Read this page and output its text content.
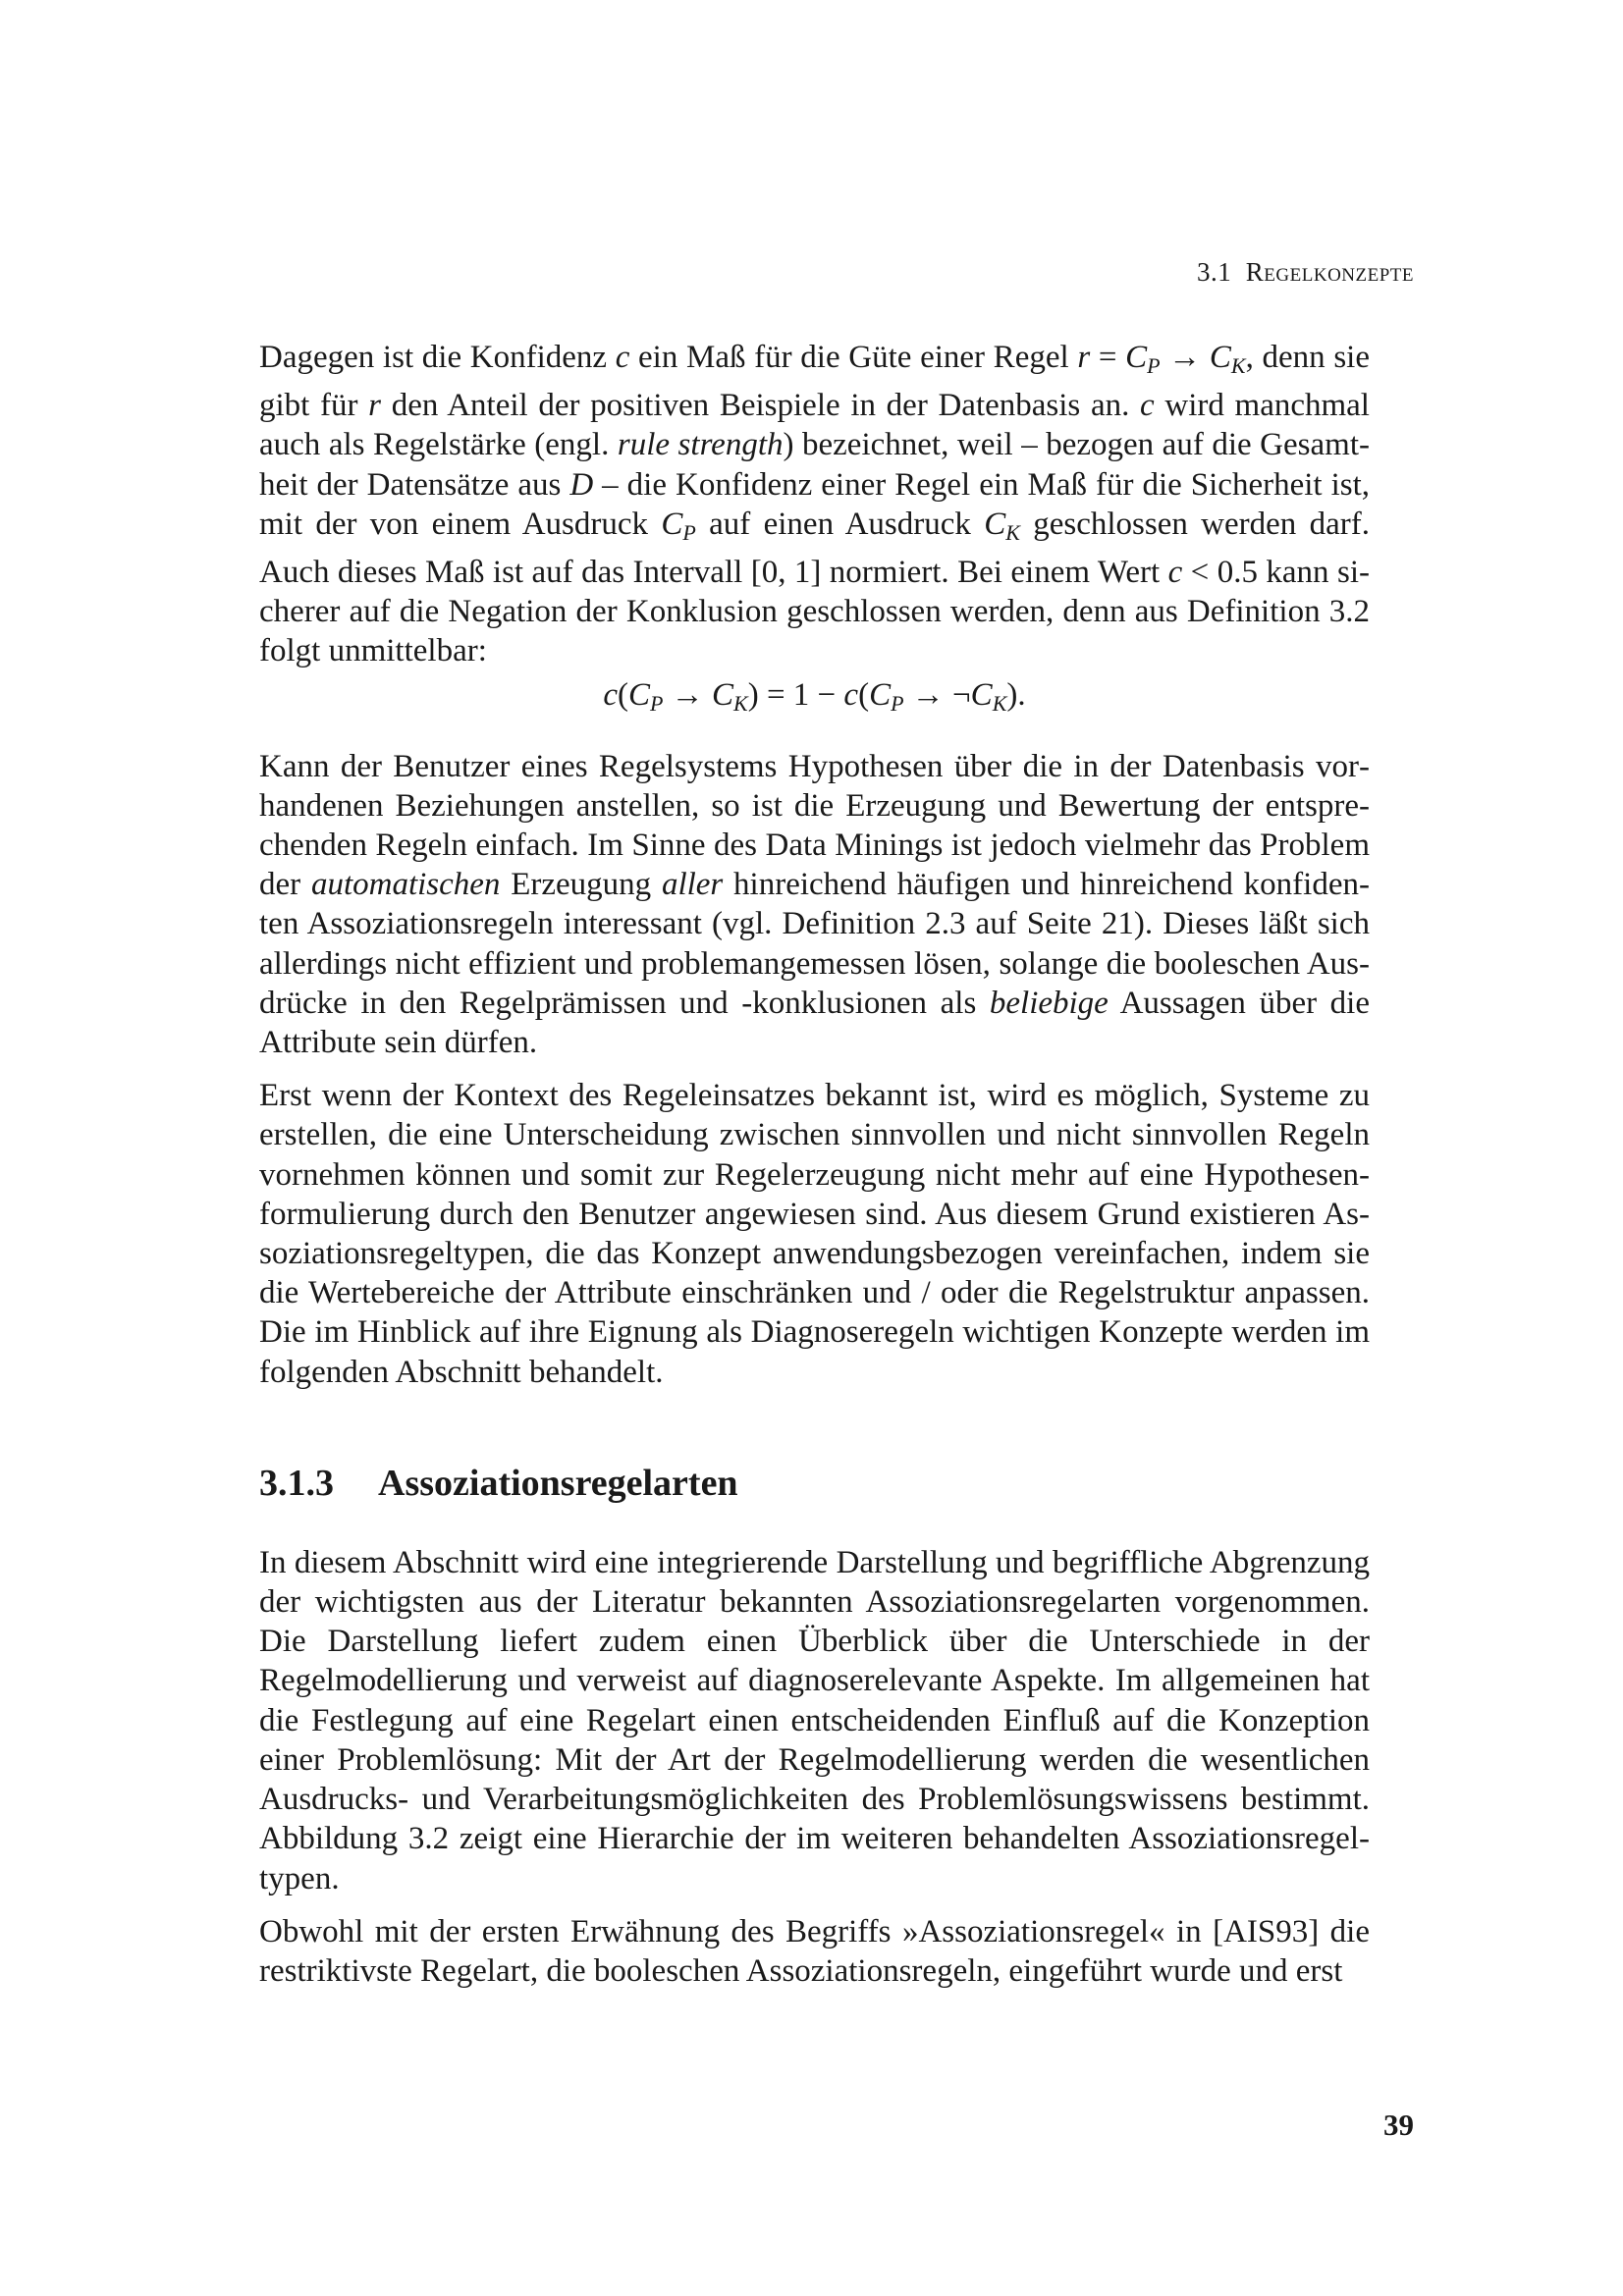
3.1 Regelkonzepte

Dagegen ist die Konfidenz c ein Maß für die Güte einer Regel $r = C_P \to C_K$, denn sie gibt für r den Anteil der positiven Beispiele in der Datenbasis an. c wird manchmal auch als Regelstärke (engl. rule strength) bezeichnet, weil – bezogen auf die Gesamtheit der Datensätze aus D – die Konfidenz einer Regel ein Maß für die Sicherheit ist, mit der von einem Ausdruck $C_P$ auf einen Ausdruck $C_K$ geschlossen werden darf. Auch dieses Maß ist auf das Intervall [0, 1] normiert. Bei einem Wert c < 0.5 kann sicherer auf die Negation der Konklusion geschlossen werden, denn aus Definition 3.2 folgt unmittelbar:

$c(C_P \to C_K) = 1 - c(C_P$ → $\neg C_K$).

Kann der Benutzer eines Regelsystems Hypothesen über die in der Datenbasis vorhandenen Beziehungen anstellen, so ist die Erzeugung und Bewertung der entsprechenden Regeln einfach. Im Sinne des Data Minings ist jedoch vielmehr das Problem der automatischen Erzeugung aller hinreichend häufigen und hinreichend konfidenten Assoziationsregeln interessant (vgl. Definition 2.3 auf Seite 21). Dieses läßt sich allerdings nicht effizient und problemangemessen lösen, solange die booleschen Ausdrücke in den Regelprämissen und -konklusionen als beliebige Aussagen über die Attribute sein dürfen.

Erst wenn der Kontext des Regeleinsatzes bekannt ist, wird es möglich, Systeme zu erstellen, die eine Unterscheidung zwischen sinnvollen und nicht sinnvollen Regeln vornehmen können und somit zur Regelerzeugung nicht mehr auf eine Hypothesenformulierung durch den Benutzer angewiesen sind. Aus diesem Grund existieren Assoziationsregeltypen, die das Konzept anwendungsbezogen vereinfachen, indem sie die Wertebereiche der Attribute einschränken und / oder die Regelstruktur anpassen. Die im Hinblick auf ihre Eignung als Diagnoseregeln wichtigen Konzepte werden im folgenden Abschnitt behandelt.

3.1.3 Assoziationsregelarten

In diesem Abschnitt wird eine integrierende Darstellung und begriffliche Abgrenzung der wichtigsten aus der Literatur bekannten Assoziationsregelarten vorgenommen. Die Darstellung liefert zudem einen Überblick über die Unterschiede in der Regelmodellierung und verweist auf diagnoserelevante Aspekte. Im allgemeinen hat die Festlegung auf eine Regelart einen entscheidenden Einfluß auf die Konzeption einer Problemlösung: Mit der Art der Regelmodellierung werden die wesentlichen Ausdrucks- und Verarbeitungsmöglichkeiten des Problemlösungswissens bestimmt. Abbildung 3.2 zeigt eine Hierarchie der im weiteren behandelten Assoziationsregeltypen.

Obwohl mit der ersten Erwähnung des Begriffs »Assoziationsregel« in [AIS93] die restriktivste Regelart, die booleschen Assoziationsregeln, eingeführt wurde und erst

39
